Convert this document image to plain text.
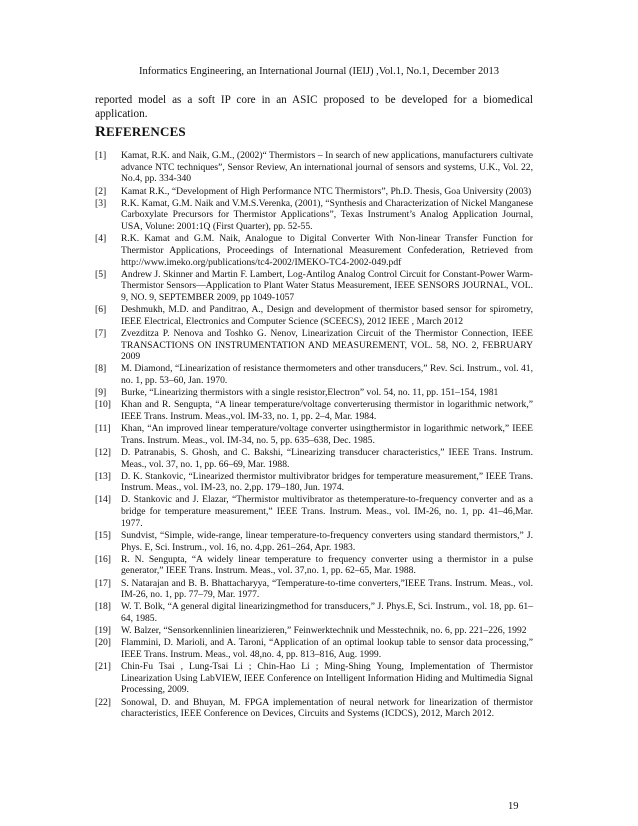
Informatics Engineering, an International Journal (IEIJ) ,Vol.1, No.1, December 2013

reported model as a soft IP core in an ASIC proposed to be developed for a biomedical application.

REFERENCES
[1]	Kamat, R.K. and Naik, G.M., (2002)“ Thermistors – In search of new applications, manufacturers cultivate advance NTC techniques”, Sensor Review, An international journal of sensors and systems, U.K., Vol. 22, No.4, pp. 334-340
[2]	Kamat R.K., “Development of High Performance NTC Thermistors”, Ph.D. Thesis, Goa University (2003)
[3]	R.K. Kamat, G.M. Naik and V.M.S.Verenka, (2001), “Synthesis and Characterization of Nickel Manganese Carboxylate Precursors for Thermistor Applications”, Texas Instrument’s Analog Application Journal, USA, Volune: 2001:1Q (First Quarter), pp. 52-55.
[4]	R.K. Kamat and G.M. Naik, Analogue to Digital Converter With Non-linear Transfer Function for Thermistor Applications, Proceedings of International Measurement Confederation, Retrieved from http://www.imeko.org/publications/tc4-2002/IMEKO-TC4-2002-049.pdf
[5]	Andrew J. Skinner and Martin F. Lambert, Log-Antilog Analog Control Circuit for Constant-Power Warm-Thermistor Sensors—Application to Plant Water Status Measurement, IEEE SENSORS JOURNAL, VOL. 9, NO. 9, SEPTEMBER 2009, pp 1049-1057
[6]	Deshmukh, M.D. and Panditrao, A., Design and development of thermistor based sensor for spirometry, IEEE Electrical, Electronics and Computer Science (SCEECS), 2012 IEEE , March 2012
[7]	Zvezditza P. Nenova and Toshko G. Nenov, Linearization Circuit of the Thermistor Connection, IEEE TRANSACTIONS ON INSTRUMENTATION AND MEASUREMENT, VOL. 58, NO. 2, FEBRUARY 2009
[8]	M. Diamond, “Linearization of resistance thermometers and other transducers,” Rev. Sci. Instrum., vol. 41, no. 1, pp. 53–60, Jan. 1970.
[9]	Burke, “Linearizing thermistors with a single resistor,Electron” vol. 54, no. 11, pp. 151–154, 1981
[10]	Khan and R. Sengupta, “A linear temperature/voltage converterusing thermistor in logarithmic network,” IEEE Trans. Instrum. Meas.,vol. IM-33, no. 1, pp. 2–4, Mar. 1984.
[11]	Khan, “An improved linear temperature/voltage converter usingthermistor in logarithmic network,” IEEE Trans. Instrum. Meas., vol. IM-34, no. 5, pp. 635–638, Dec. 1985.
[12]	D. Patranabis, S. Ghosh, and C. Bakshi, “Linearizing transducer characteristics,” IEEE Trans. Instrum. Meas., vol. 37, no. 1, pp. 66–69, Mar. 1988.
[13]	D. K. Stankovic, “Linearized thermistor multivibrator bridges for temperature measurement,” IEEE Trans. Instrum. Meas., vol. IM-23, no. 2,pp. 179–180, Jun. 1974.
[14]	D. Stankovic and J. Elazar, “Thermistor multivibrator as thetemperature-to-frequency converter and as a bridge for temperature measurement,” IEEE Trans. Instrum. Meas., vol. IM-26, no. 1, pp. 41–46,Mar. 1977.
[15]	Sundvist, “Simple, wide-range, linear temperature-to-frequency converters using standard thermistors,” J. Phys. E, Sci. Instrum., vol. 16, no. 4,pp. 261–264, Apr. 1983.
[16]	R. N. Sengupta, “A widely linear temperature to frequency converter using a thermistor in a pulse generator,” IEEE Trans. Instrum. Meas., vol. 37,no. 1, pp. 62–65, Mar. 1988.
[17]	S. Natarajan and B. B. Bhattacharyya, “Temperature-to-time converters,”IEEE Trans. Instrum. Meas., vol. IM-26, no. 1, pp. 77–79, Mar. 1977.
[18]	W. T. Bolk, “A general digital linearizingmethod for transducers,” J. Phys.E, Sci. Instrum., vol. 18, pp. 61–64, 1985.
[19]	W. Balzer, “Sensorkennlinien linearizieren,” Feinwerktechnik und Messtechnik, no. 6, pp. 221–226, 1992
[20]	Flammini, D. Marioli, and A. Taroni, “Application of an optimal lookup table to sensor data processing,” IEEE Trans. Instrum. Meas., vol. 48,no. 4, pp. 813–816, Aug. 1999.
[21]	Chin-Fu Tsai , Lung-Tsai Li ; Chin-Hao Li ; Ming-Shing Young, Implementation of Thermistor Linearization Using LabVIEW, IEEE Conference on Intelligent Information Hiding and Multimedia Signal Processing, 2009.
[22]	Sonowal, D. and Bhuyan, M. FPGA implementation of neural network for linearization of thermistor characteristics, IEEE Conference on Devices, Circuits and Systems (ICDCS), 2012, March 2012.
19
